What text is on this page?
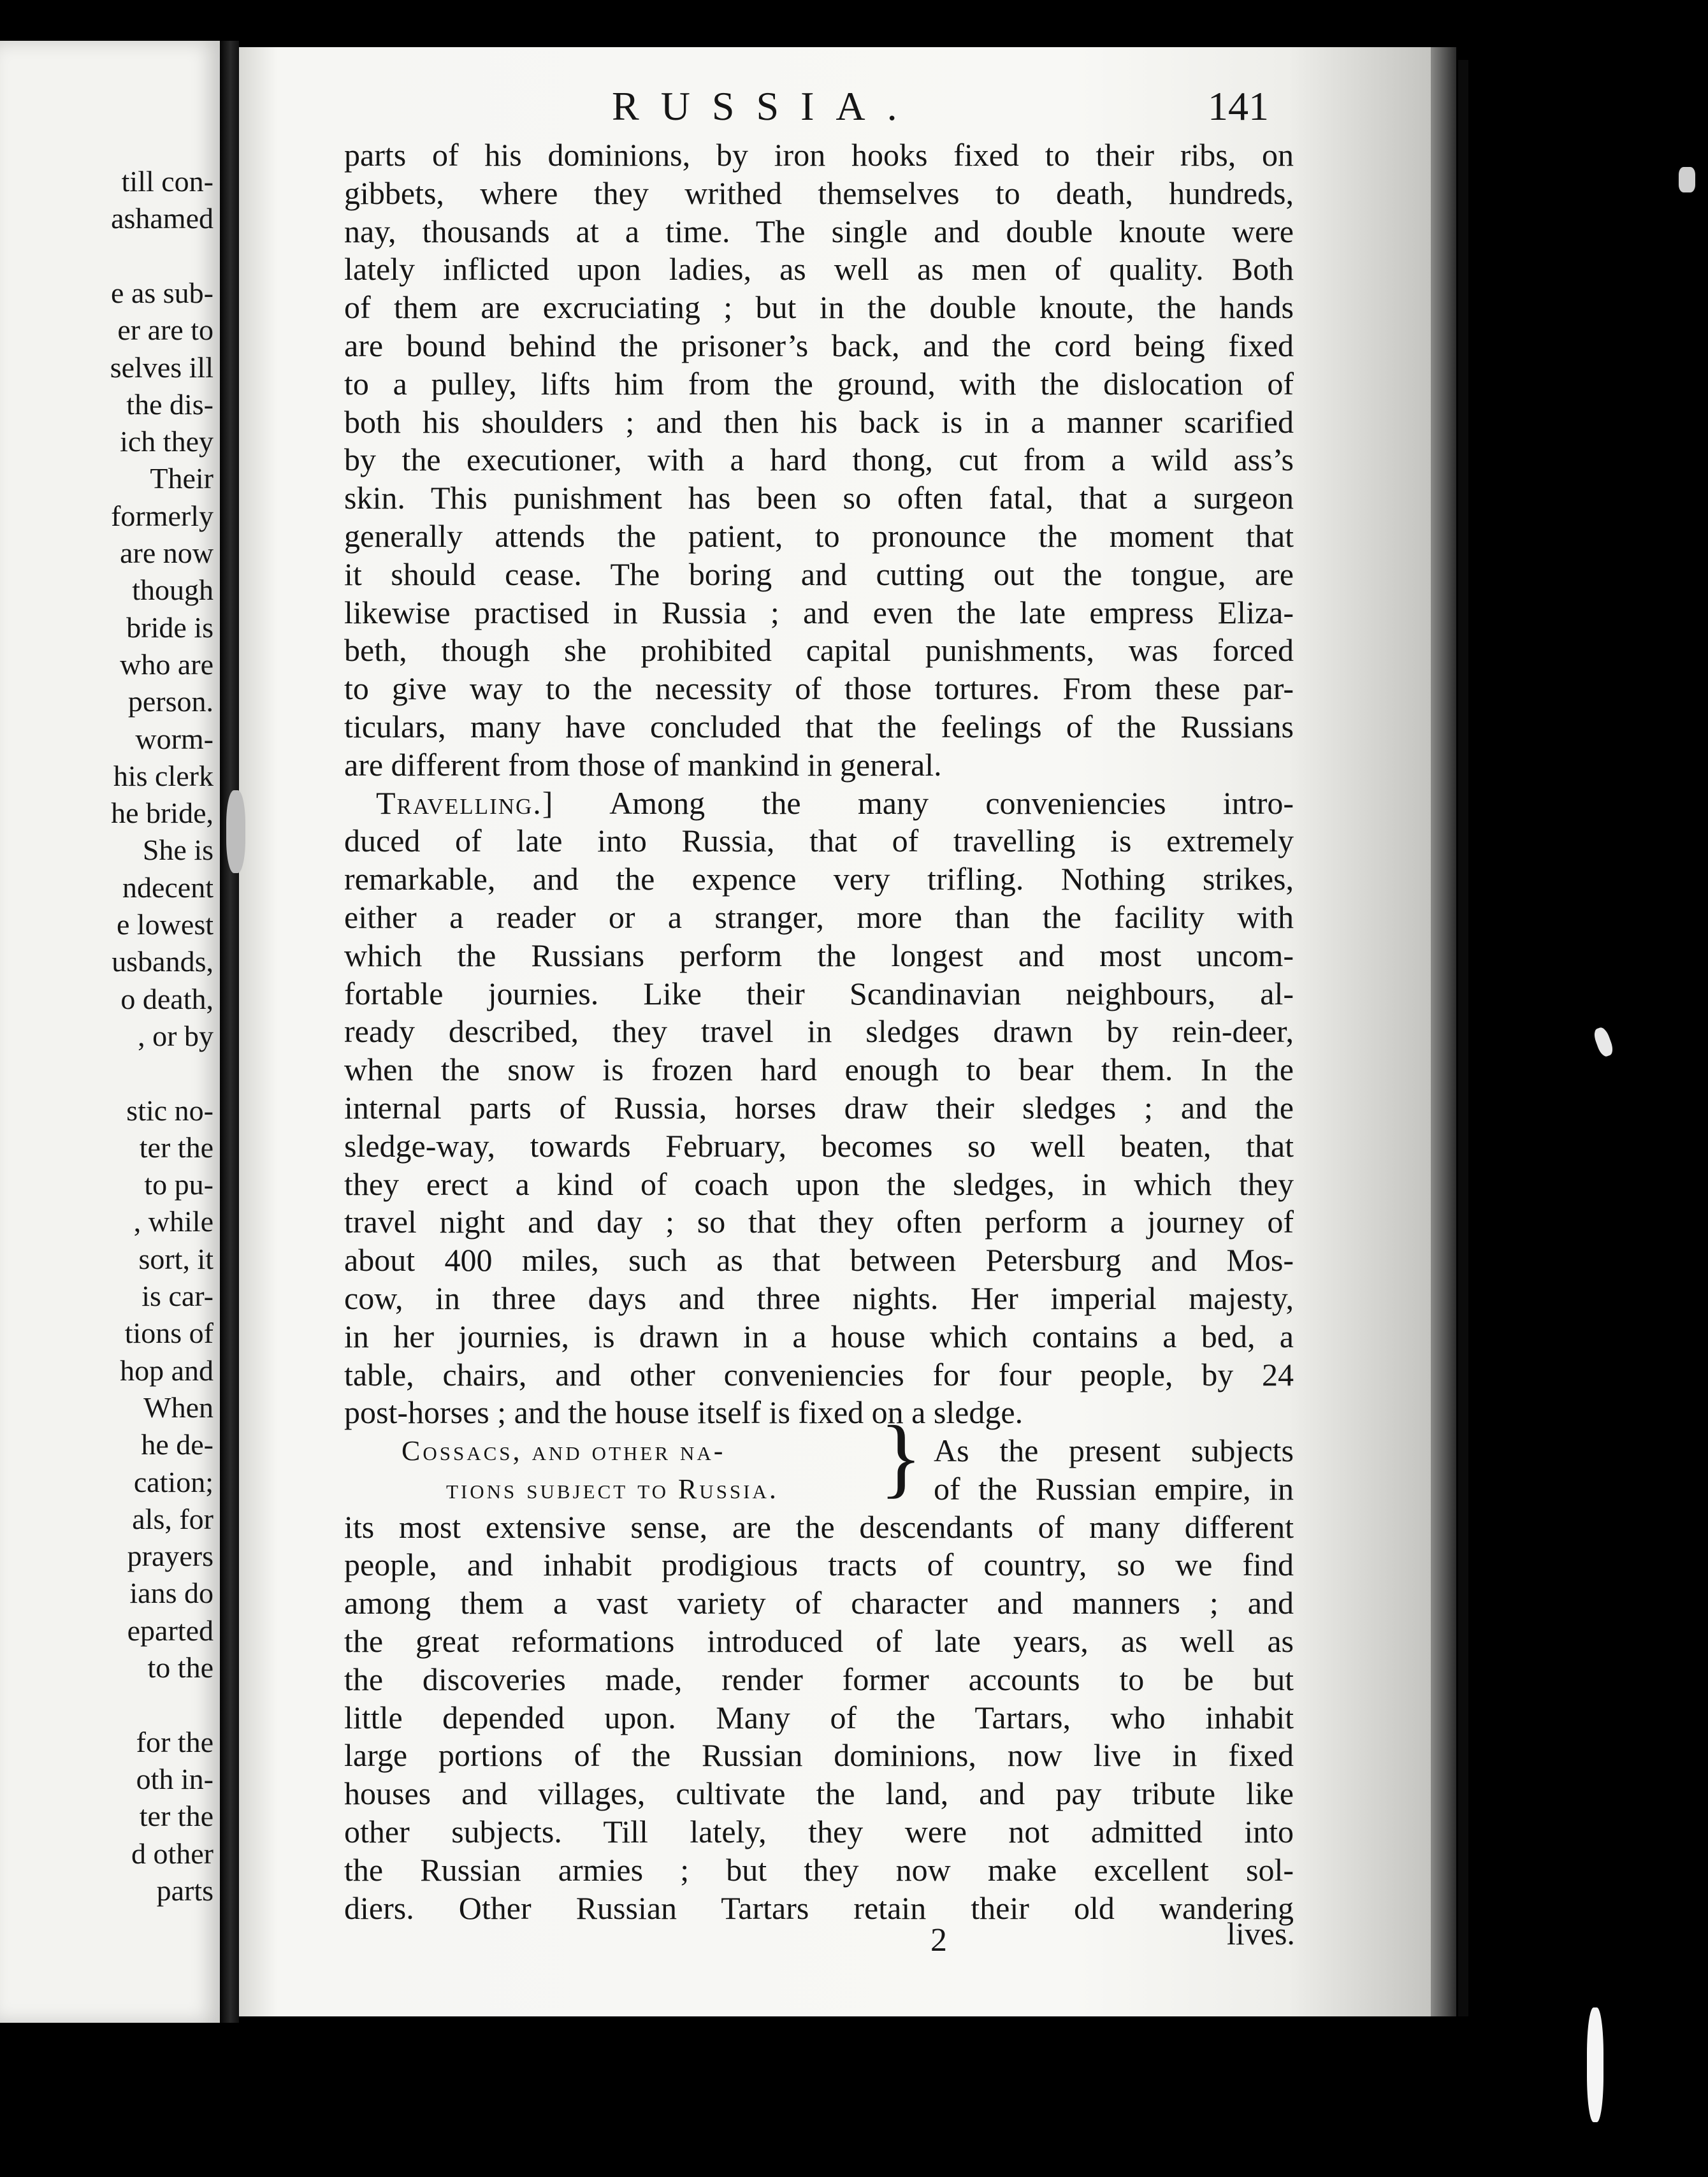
till con-
ashamed
e as sub-
er are to
selves ill
the dis-
ich they
Their
formerly
are now
though
bride is
who are
person.
worm-
his clerk
he bride,
She is
ndecent
e lowest
usbands,
o death,
, or by
stic no-
ter the
to pu-
, while
sort, it
is car-
tions of
hop and
When
he de-
cation;
als, for
prayers
ians do
eparted
to the
for the
oth in-
ter the
d other
parts
RUSSIA.	141
parts of his dominions, by iron hooks fixed to their ribs, on
gibbets, where they writhed themselves to death, hundreds,
nay, thousands at a time. The single and double knoute were
lately inflicted upon ladies, as well as men of quality. Both
of them are excruciating ; but in the double knoute, the hands
are bound behind the prisoner’s back, and the cord being fixed
to a pulley, lifts him from the ground, with the dislocation of
both his shoulders ; and then his back is in a manner scarified
by the executioner, with a hard thong, cut from a wild ass’s
skin. This punishment has been so often fatal, that a surgeon
generally attends the patient, to pronounce the moment that
it should cease. The boring and cutting out the tongue, are
likewise practised in Russia ; and even the late empress Eliza-
beth, though she prohibited capital punishments, was forced
to give way to the necessity of those tortures. From these par-
ticulars, many have concluded that the feelings of the Russians
are different from those of mankind in general.
Travelling.] Among the many conveniencies intro-
duced of late into Russia, that of travelling is extremely
remarkable, and the expence very trifling. Nothing strikes,
either a reader or a stranger, more than the facility with
which the Russians perform the longest and most uncom-
fortable journies. Like their Scandinavian neighbours, al-
ready described, they travel in sledges drawn by rein-deer,
when the snow is frozen hard enough to bear them. In the
internal parts of Russia, horses draw their sledges ; and the
sledge-way, towards February, becomes so well beaten, that
they erect a kind of coach upon the sledges, in which they
travel night and day ; so that they often perform a journey of
about 400 miles, such as that between Petersburg and Mos-
cow, in three days and three nights. Her imperial majesty,
in her journies, is drawn in a house which contains a bed, a
table, chairs, and other conveniencies for four people, by 24
post-horses ; and the house itself is fixed on a sledge.
Cossacs, and other na-	As the present subjects
tions subject to Russia. } of the Russian empire, in
its most extensive sense, are the descendants of many different
people, and inhabit prodigious tracts of country, so we find
among them a vast variety of character and manners ; and
the great reformations introduced of late years, as well as
the discoveries made, render former accounts to be but
little depended upon. Many of the Tartars, who inhabit
large portions of the Russian dominions, now live in fixed
houses and villages, cultivate the land, and pay tribute like
other subjects. Till lately, they were not admitted into
the Russian armies ; but they now make excellent sol-
diers. Other Russian Tartars retain their old wandering
2	lives.
